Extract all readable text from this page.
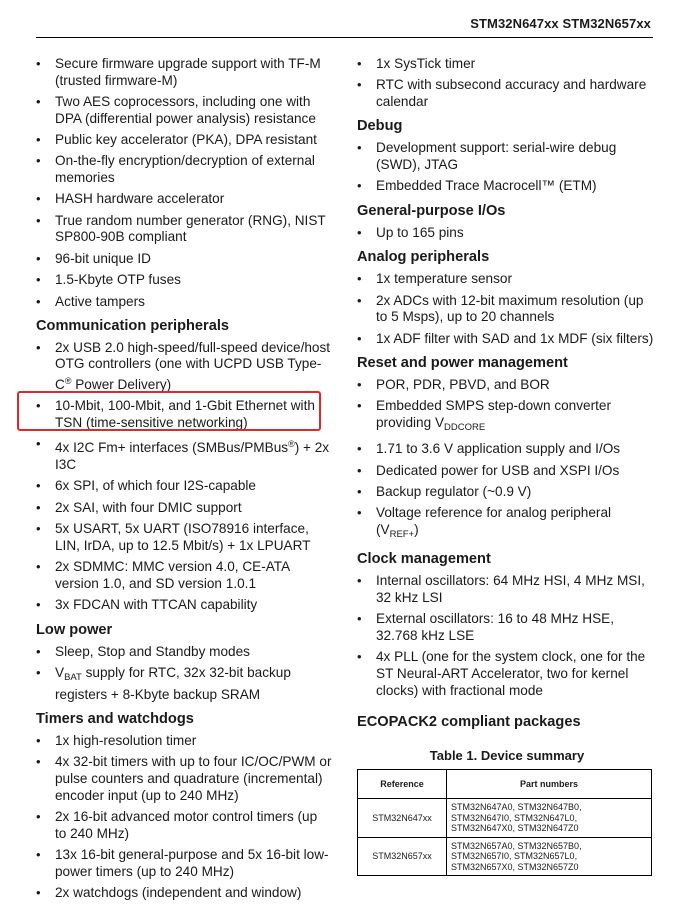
STM32N647xx STM32N657xx
• Secure firmware upgrade support with TF-M (trusted firmware-M)
• Two AES coprocessors, including one with DPA (differential power analysis) resistance
• Public key accelerator (PKA), DPA resistant
• On-the-fly encryption/decryption of external memories
• HASH hardware accelerator
• True random number generator (RNG), NIST SP800-90B compliant
• 96-bit unique ID
• 1.5-Kbyte OTP fuses
• Active tampers
Communication peripherals
• 2x USB 2.0 high-speed/full-speed device/host OTG controllers (one with UCPD USB Type-C® Power Delivery)
• 10-Mbit, 100-Mbit, and 1-Gbit Ethernet with TSN (time-sensitive networking)
• 4x I2C Fm+ interfaces (SMBus/PMBus®) + 2x I3C
• 6x SPI, of which four I2S-capable
• 2x SAI, with four DMIC support
• 5x USART, 5x UART (ISO78916 interface, LIN, IrDA, up to 12.5 Mbit/s) + 1x LPUART
• 2x SDMMC: MMC version 4.0, CE-ATA version 1.0, and SD version 1.0.1
• 3x FDCAN with TTCAN capability
Low power
• Sleep, Stop and Standby modes
• $V_{BAT}$ supply for RTC, 32x 32-bit backup registers + 8-Kbyte backup SRAM
Timers and watchdogs
• 1x high-resolution timer
• 4x 32-bit timers with up to four IC/OC/PWM or pulse counters and quadrature (incremental) encoder input (up to 240 MHz)
• 2x 16-bit advanced motor control timers (up to 240 MHz)
• 13x 16-bit general-purpose and 5x 16-bit low-power timers (up to 240 MHz)
• 2x watchdogs (independent and window)
• 1x SysTick timer
• RTC with subsecond accuracy and hardware calendar
Debug
• Development support: serial-wire debug (SWD), JTAG
• Embedded Trace Macrocell™ (ETM)
General-purpose I/Os
• Up to 165 pins
Analog peripherals
• 1x temperature sensor
• 2x ADCs with 12-bit maximum resolution (up to 5 Msps), up to 20 channels
• 1x ADF filter with SAD and 1x MDF (six filters)
Reset and power management
• POR, PDR, PBVD, and BOR
• Embedded SMPS step-down converter providing $V_{DDCORE}$
• 1.71 to 3.6 V application supply and I/Os
• Dedicated power for USB and XSPI I/Os
• Backup regulator (~0.9 V)
• Voltage reference for analog peripheral $(V_{REF+})$
Clock management
• Internal oscillators: 64 MHz HSI, 4 MHz MSI, 32 kHz LSI
• External oscillators: 16 to 48 MHz HSE, 32.768 kHz LSE
• 4x PLL (one for the system clock, one for the ST Neural-ART Accelerator, two for kernel clocks) with fractional mode
ECOPACK2 compliant packages
Table 1. Device summary
Reference	Part numbers
STM32N647xx	STM32N647A0, STM32N647B0,
STM32N647I0, STM32N647L0,
STM32N647X0, STM32N647Z0

STM32N657xx	STM32N657A0, STM32N657B0,
STM32N657I0, STM32N657L0,
STM32N657X0, STM32N657Z0
